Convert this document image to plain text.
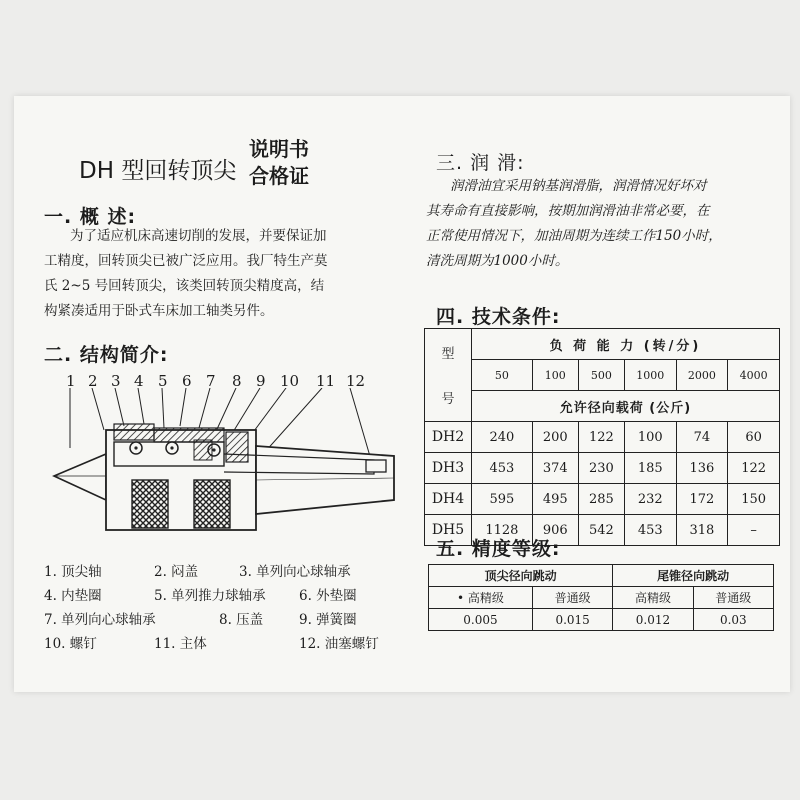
DH 型回转顶尖
说明书
合格证
一. 概 述:
为了适应机床高速切削的发展，并要保证加
工精度，回转顶尖已被广泛应用。我厂特生产莫
氏 2~5 号回转顶尖，该类回转顶尖精度高，结
构紧凑适用于卧式车床加工轴类另件。
二. 结构简介:
1 2 3 4 5 6 7 8 9 10 11 12
1. 顶尖轴	2. 闷盖	3. 单列向心球轴承
4. 内垫圈	5. 单列推力球轴承	6. 外垫圈
7. 单列向心球轴承	8. 压盖	9. 弹簧圈
10. 螺钉	11. 主体	12. 油塞螺钉
三. 润 滑:
润滑油宜采用钠基润滑脂，润滑情况好坏对
其寿命有直接影响，按期加润滑油非常必要，在
正常使用情况下，加油周期为连续工作150小时，
清洗周期为1000小时。
四. 技术条件:
型
号	负 荷 能 力 (转/分)					
	50	100	500	1000	2000	4000
	允许径向载荷 (公斤)					
DH2	240	200	122	100	74	60
DH3	453	374	230	185	136	122
DH4	595	495	285	232	172	150
DH5	1128	906	542	453	318	–
五. 精度等级:
顶尖径向跳动		尾锥径向跳动	
• 高精级	普通级	高精级	普通级
0.005	0.015	0.012	0.03
